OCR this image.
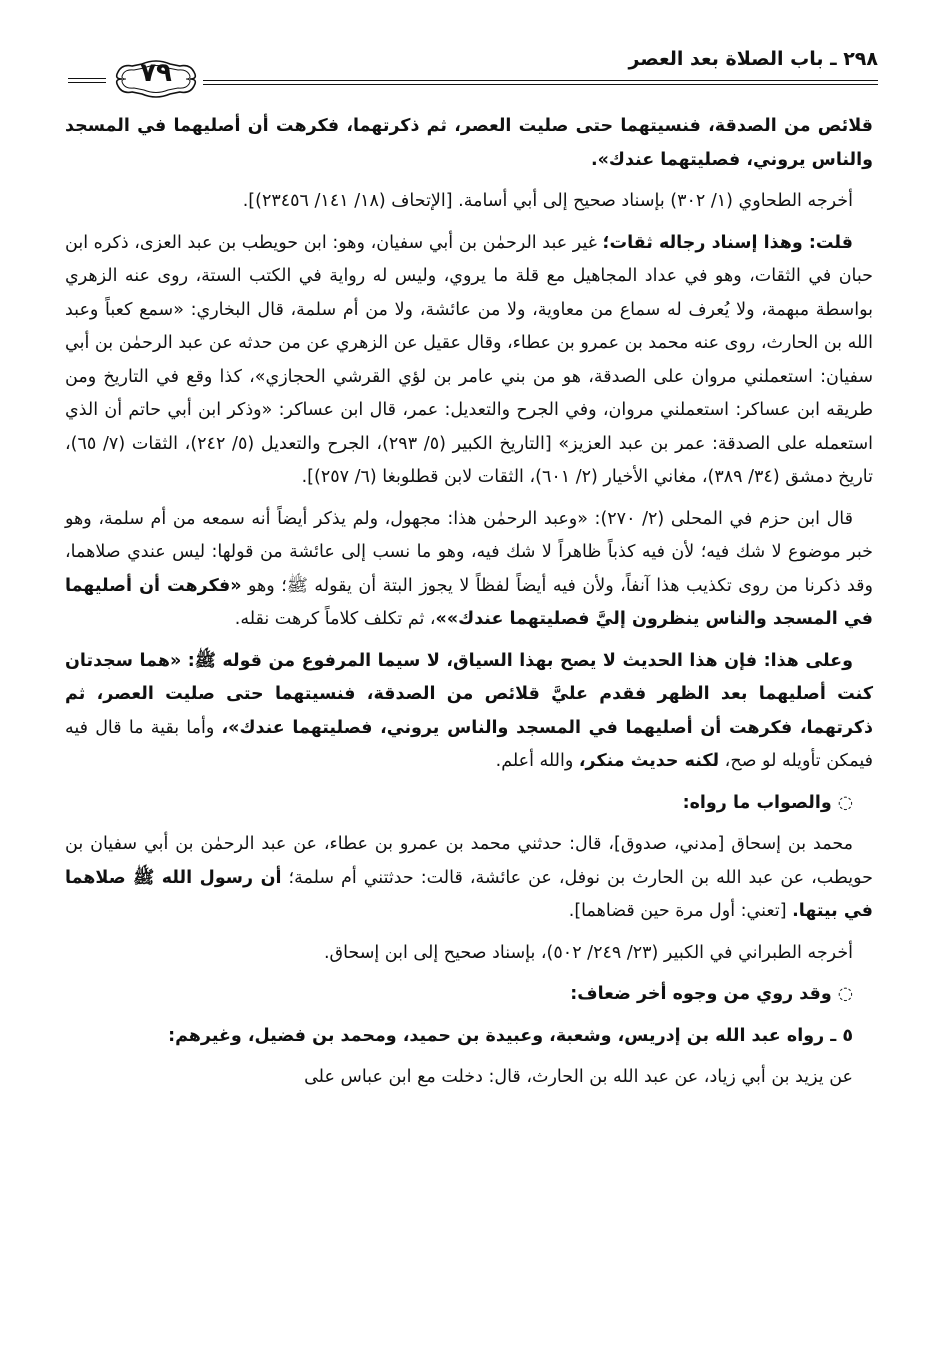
٢٩٨ ـ باب الصلاة بعد العصر
٧٩

قلائص من الصدقة، فنسيتهما حتى صليت العصر، ثم ذكرتهما، فكرهت أن أصليهما في المسجد والناس يروني، فصليتهما عندك».

أخرجه الطحاوي (١/ ٣٠٢) بإسناد صحيح إلى أبي أسامة. [الإتحاف (١٨/ ١٤١/ ٢٣٤٥٦)].

قلت: وهذا إسناد رجاله ثقات؛ غير عبد الرحمٰن بن أبي سفيان، وهو: ابن حويطب بن عبد العزى، ذكره ابن حبان في الثقات، وهو في عداد المجاهيل مع قلة ما يروي، وليس له رواية في الكتب الستة، روى عنه الزهري بواسطة مبهمة، ولا يُعرف له سماع من معاوية، ولا من عائشة، ولا من أم سلمة، قال البخاري: «سمع كعباً وعبد الله بن الحارث، روى عنه محمد بن عمرو بن عطاء، وقال عقيل عن الزهري عن من حدثه عن عبد الرحمٰن بن أبي سفيان: استعملني مروان على الصدقة، هو من بني عامر بن لؤي القرشي الحجازي»، كذا وقع في التاريخ ومن طريقه ابن عساكر: استعملني مروان، وفي الجرح والتعديل: عمر، قال ابن عساكر: «وذكر ابن أبي حاتم أن الذي استعمله على الصدقة: عمر بن عبد العزيز» [التاريخ الكبير (٥/ ٢٩٣)، الجرح والتعديل (٥/ ٢٤٢)، الثقات (٧/ ٦٥)، تاريخ دمشق (٣٤/ ٣٨٩)، مغاني الأخيار (٢/ ٦٠١)، الثقات لابن قطلوبغا (٦/ ٢٥٧)].

قال ابن حزم في المحلى (٢/ ٢٧٠): «وعبد الرحمٰن هذا: مجهول، ولم يذكر أيضاً أنه سمعه من أم سلمة، وهو خبر موضوع لا شك فيه؛ لأن فيه كذباً ظاهراً لا شك فيه، وهو ما نسب إلى عائشة من قولها: ليس عندي صلاهما، وقد ذكرنا من روى تكذيب هذا آنفاً، ولأن فيه أيضاً لفظاً لا يجوز البتة أن يقوله ﷺ؛ وهو «فكرهت أن أصليهما في المسجد والناس ينظرون إليَّ فصليتهما عندك»»، ثم تكلف كلاماً كرهت نقله.

وعلى هذا: فإن هذا الحديث لا يصح بهذا السياق، لا سيما المرفوع من قوله ﷺ: «هما سجدتان كنت أصليهما بعد الظهر فقدم عليَّ قلائص من الصدقة، فنسيتهما حتى صليت العصر، ثم ذكرتهما، فكرهت أن أصليهما في المسجد والناس يروني، فصليتهما عندك»، وأما بقية ما قال فيه فيمكن تأويله لو صح، لكنه حديث منكر، والله أعلم.

◌والصواب ما رواه:

محمد بن إسحاق [مدني، صدوق]، قال: حدثني محمد بن عمرو بن عطاء، عن عبد الرحمٰن بن أبي سفيان بن حويطب، عن عبد الله بن الحارث بن نوفل، عن عائشة، قالت: حدثتني أم سلمة؛ أن رسول الله ﷺ صلاهما في بيتها. [تعني: أول مرة حين قضاهما].

أخرجه الطبراني في الكبير (٢٣/ ٢٤٩/ ٥٠٢)، بإسناد صحيح إلى ابن إسحاق.

◌وقد روي من وجوه أخر ضعاف:

٥ ـ رواه عبد الله بن إدريس، وشعبة، وعبيدة بن حميد، ومحمد بن فضيل، وغيرهم:

عن يزيد بن أبي زياد، عن عبد الله بن الحارث، قال: دخلت مع ابن عباس على
